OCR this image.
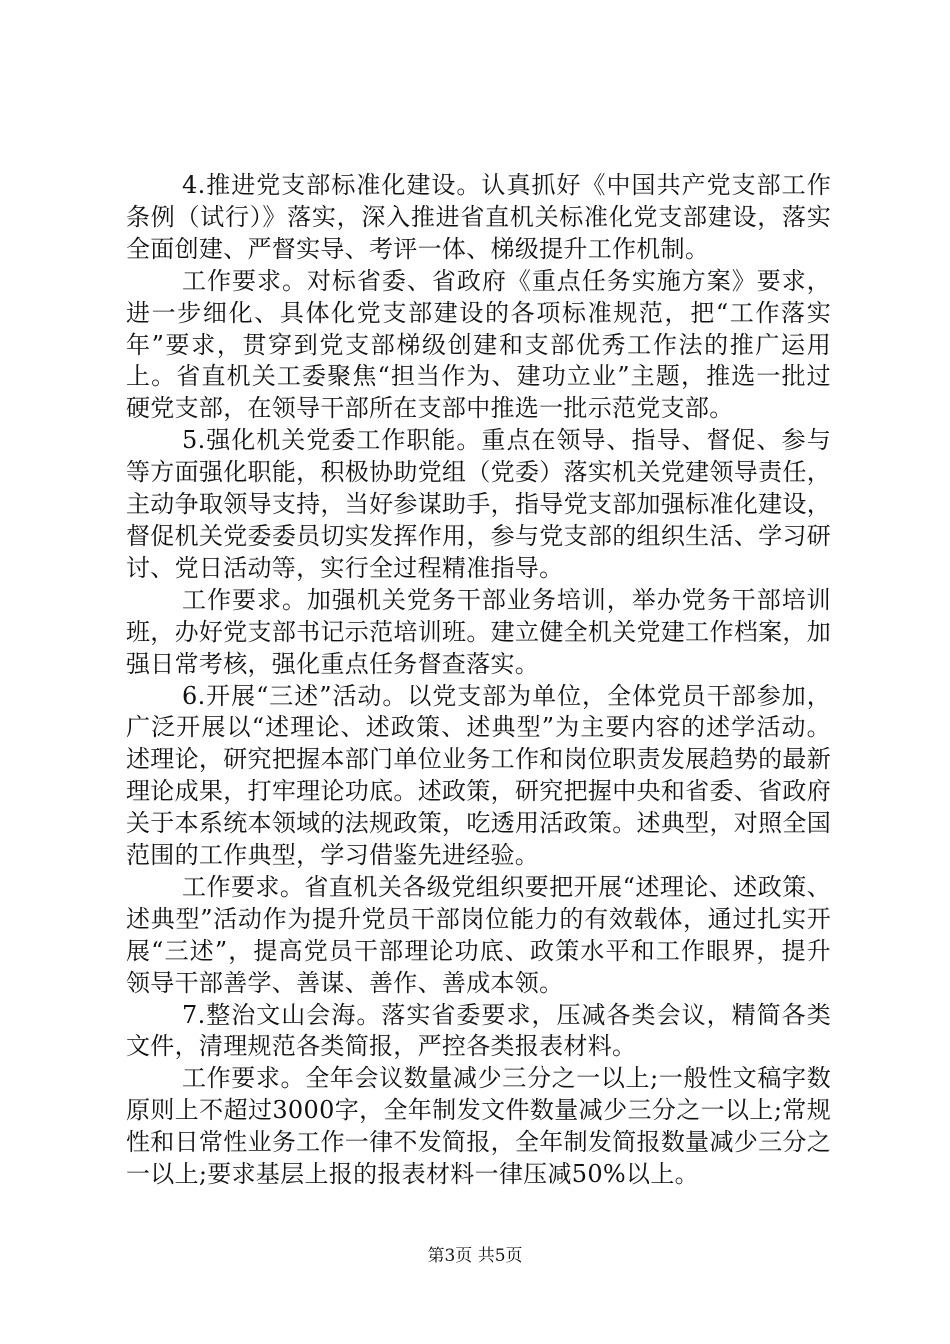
4.推进党支部标准化建设。认真抓好《中国共产党支部工作条例（试行）》落实，深入推进省直机关标准化党支部建设，落实全面创建、严督实导、考评一体、梯级提升工作机制。

工作要求。对标省委、省政府《重点任务实施方案》要求，进一步细化、具体化党支部建设的各项标准规范，把“工作落实年”要求，贯穿到党支部梯级创建和支部优秀工作法的推广运用上。省直机关工委聚焦“担当作为、建功立业”主题，推选一批过硬党支部，在领导干部所在支部中推选一批示范党支部。

5.强化机关党委工作职能。重点在领导、指导、督促、参与等方面强化职能，积极协助党组（党委）落实机关党建领导责任，主动争取领导支持，当好参谋助手，指导党支部加强标准化建设，督促机关党委委员切实发挥作用，参与党支部的组织生活、学习研讨、党日活动等，实行全过程精准指导。

工作要求。加强机关党务干部业务培训，举办党务干部培训班，办好党支部书记示范培训班。建立健全机关党建工作档案，加强日常考核，强化重点任务督查落实。

6.开展“三述”活动。以党支部为单位，全体党员干部参加，广泛开展以“述理论、述政策、述典型”为主要内容的述学活动。述理论，研究把握本部门单位业务工作和岗位职责发展趋势的最新理论成果，打牢理论功底。述政策，研究把握中央和省委、省政府关于本系统本领域的法规政策，吃透用活政策。述典型，对照全国范围的工作典型，学习借鉴先进经验。

工作要求。省直机关各级党组织要把开展“述理论、述政策、述典型”活动作为提升党员干部岗位能力的有效载体，通过扎实开展“三述”，提高党员干部理论功底、政策水平和工作眼界，提升领导干部善学、善谋、善作、善成本领。

7.整治文山会海。落实省委要求，压减各类会议，精简各类文件，清理规范各类简报，严控各类报表材料。

工作要求。全年会议数量减少三分之一以上;一般性文稿字数原则上不超过3000字，全年制发文件数量减少三分之一以上;常规性和日常性业务工作一律不发简报，全年制发简报数量减少三分之一以上;要求基层上报的报表材料一律压减50%以上。

第3页 共5页
